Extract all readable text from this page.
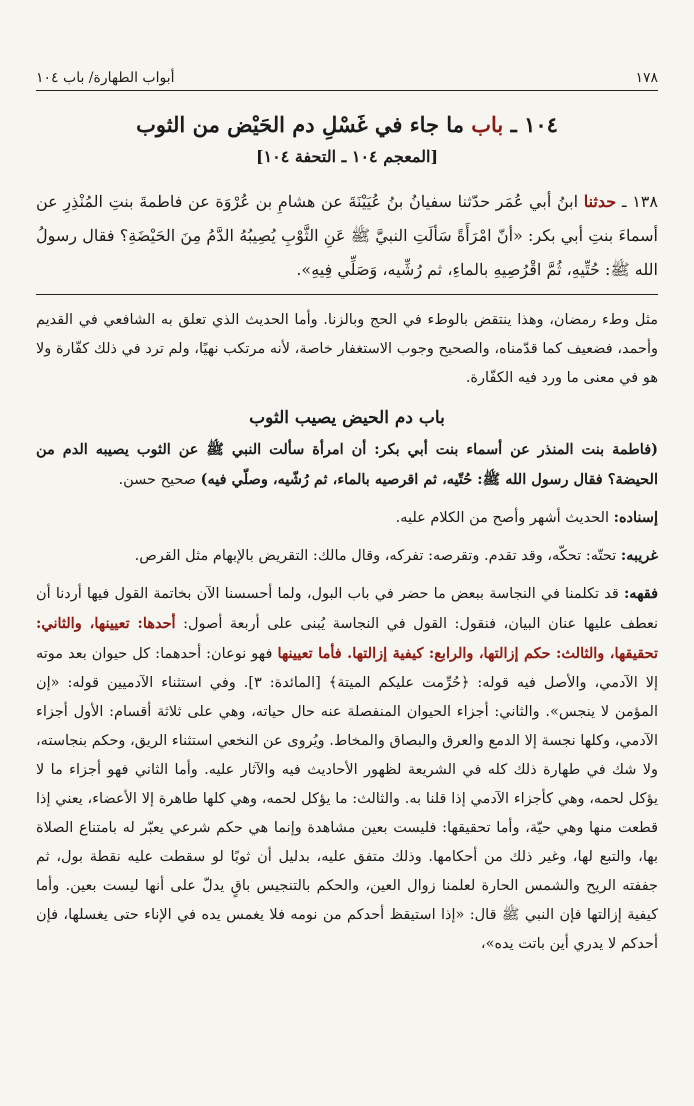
١٧٨
أبواب الطهارة/ باب ١٠٤
١٠٤ ـ باب ما جاء في غَسْلِ دم الحَيْض من الثوب
[المعجم ١٠٤ ـ التحفة ١٠٤]
١٣٨ ـ حدثنا ابنُ أبي عُمَر حدّثنا سفيانُ بنُ عُيَيْنَةَ عن هشامِ بن عُرْوَة عن فاطمةَ بنتِ المُنْذِرِ عن أسماءَ بنتِ أبي بكر: «أنّ امْرَأَةً سَألَتِ النبيَّ ﷺ عَنِ الثَّوْبِ يُصِيبُهُ الدَّمُ مِنَ الحَيْضَةِ؟ فقال رسولُ الله ﷺ: حُتِّيهِ، ثُمَّ اقْرُصِيهِ بالماءِ، ثم رُشِّيه، وَصَلِّي فِيهِ».

مثل وطء رمضان، وهذا ينتقض بالوطء في الحج وبالزنا. وأما الحديث الذي تعلق به الشافعي في القديم وأحمد، فضعيف كما قدّمناه، والصحيح وجوب الاستغفار خاصة، لأنه مرتكب نهيًا، ولم ترد في ذلك كفّارة ولا هو في معنى ما ورد فيه الكفّارة.

باب دم الحيض يصيب الثوب

(فاطمة بنت المنذر عن أسماء بنت أبي بكر: أن امرأة سألت النبي ﷺ عن الثوب يصيبه الدم من الحيضة؟ فقال رسول الله ﷺ: حُتّيه، ثم اقرصيه بالماء، ثم رُشّيه، وصلّي فيه) صحيح حسن.

إسناده: الحديث أشهر وأصح من الكلام عليه.

غريبه: تحتّه: تحكّه، وقد تقدم. وتقرصه: تفركه، وقال مالك: التقريض بالإبهام مثل القرص.

فقهه: قد تكلمنا في النجاسة ببعض ما حضر في باب البول، ولما أحسسنا الآن بخاتمة القول فيها أردنا أن نعطف عليها عنان البيان، فنقول: القول في النجاسة يُبنى على أربعة أصول: أحدها: تعيينها، والثاني: تحقيقها، والثالث: حكم إزالتها، والرابع: كيفية إزالتها. فأما تعيينها فهو نوعان: أحدهما: كل حيوان بعد موته إلا الآدمي، والأصل فيه قوله: ﴿حُرِّمت عليكم الميتة﴾ [المائدة: ٣]. وفي استثناء الآدميين قوله: «إن المؤمن لا ينجس». والثاني: أجزاء الحيوان المنفصلة عنه حال حياته، وهي على ثلاثة أقسام: الأول أجزاء الآدمي، وكلها نجسة إلا الدمع والعرق والبصاق والمخاط. ويُروى عن النخعي استثناء الريق، وحكم بنجاسته، ولا شك في طهارة ذلك كله في الشريعة لظهور الأحاديث فيه والآثار عليه. وأما الثاني فهو أجزاء ما لا يؤكل لحمه، وهي كأجزاء الآدمي إذا قلنا به. والثالث: ما يؤكل لحمه، وهي كلها طاهرة إلا الأعضاء، يعني إذا قطعت منها وهي حيّة، وأما تحقيقها: فليست بعين مشاهدة وإنما هي حكم شرعي يعبّر له بامتناع الصلاة بها، والتبع لها، وغير ذلك من أحكامها. وذلك متفق عليه، بدليل أن ثوبًا لو سقطت عليه نقطة بول، ثم جففته الريح والشمس الحارة لعلمنا زوال العين، والحكم بالتنجيس باقٍ يدلّ على أنها ليست بعين. وأما كيفية إزالتها فإن النبي ﷺ قال: «إذا استيقظ أحدكم من نومه فلا يغمس يده في الإناء حتى يغسلها، فإن أحدكم لا يدري أين باتت يده»،
